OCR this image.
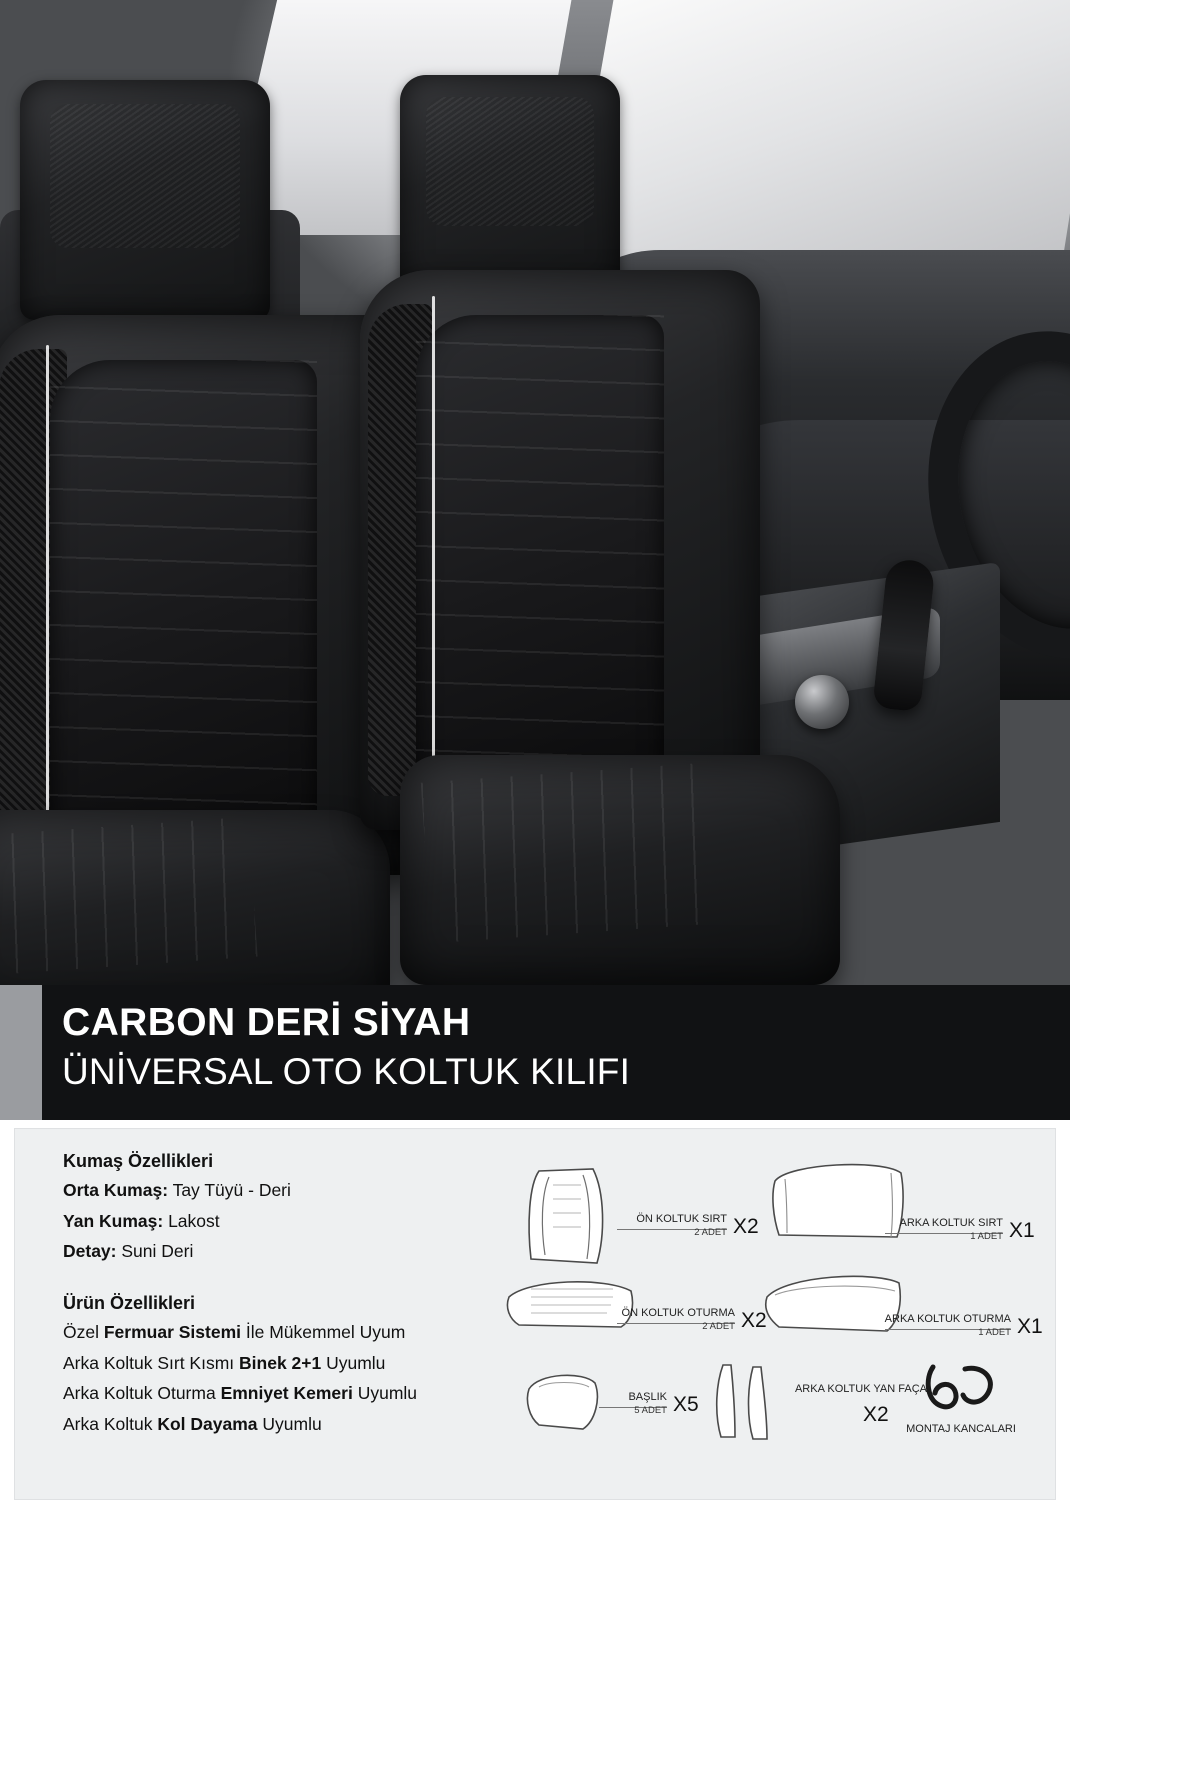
CARBON DERİ SİYAH
ÜNİVERSAL OTO KOLTUK KILIFI
Kumaş Özellikleri
Orta Kumaş: Tay Tüyü - Deri
Yan Kumaş: Lakost
Detay: Suni Deri
Ürün Özellikleri
Özel Fermuar Sistemi İle Mükemmel Uyum
Arka Koltuk Sırt Kısmı Binek 2+1 Uyumlu
Arka Koltuk Oturma Emniyet Kemeri Uyumlu
Arka Koltuk Kol Dayama Uyumlu
ÖN KOLTUK SIRT
2 ADET X2	ARKA KOLTUK SIRT
1 ADET X1
ÖN KOLTUK OTURMA
2 ADET X2	ARKA KOLTUK OTURMA
1 ADET X1
BAŞLIK
5 ADET X5
ARKA KOLTUK YAN FAÇA
X2
MONTAJ KANCALARI
